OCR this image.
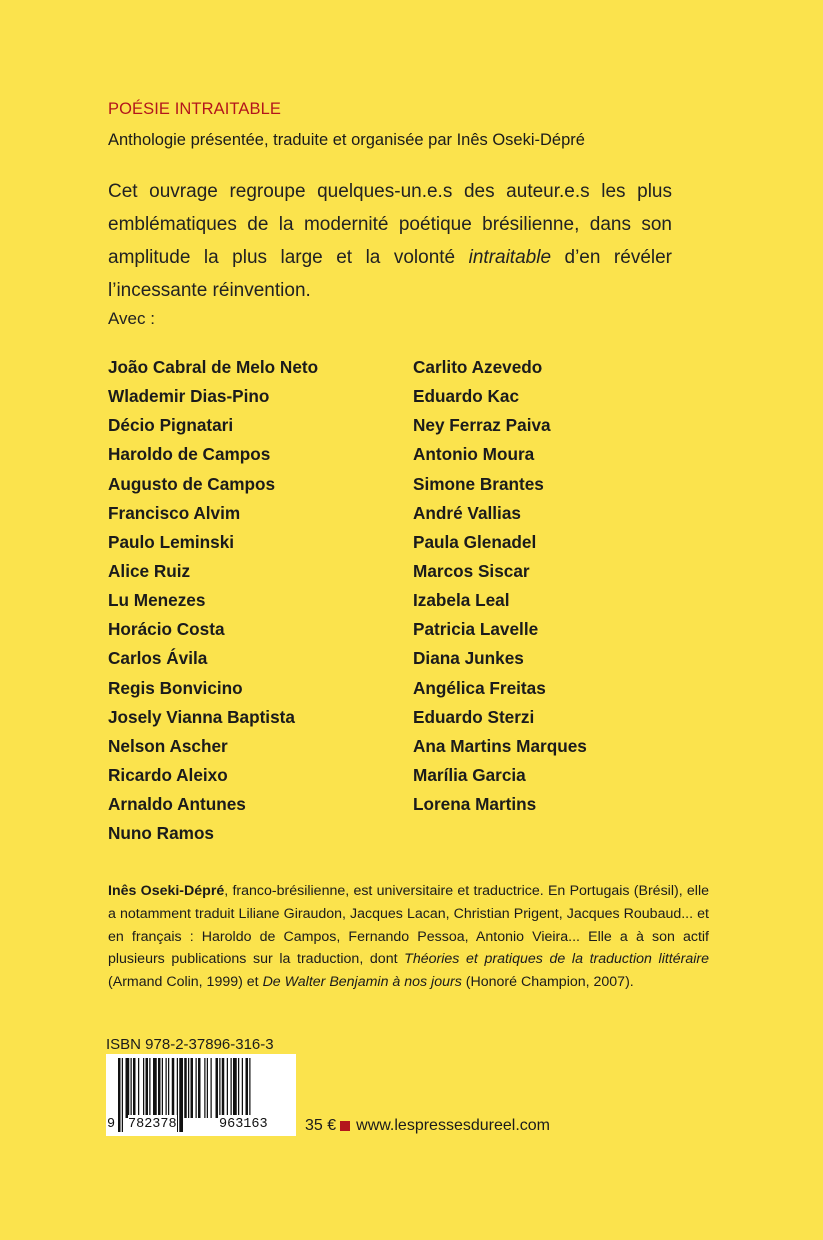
POÉSIE INTRAITABLE
Anthologie présentée, traduite et organisée par Inês Oseki-Dépré
Cet ouvrage regroupe quelques-un.e.s des auteur.e.s les plus emblématiques de la modernité poétique brésilienne, dans son amplitude la plus large et la volonté intraitable d’en révéler l’incessante réinvention.
Avec :
João Cabral de Melo Neto
Wlademir Dias-Pino
Décio Pignatari
Haroldo de Campos
Augusto de Campos
Francisco Alvim
Paulo Leminski
Alice Ruiz
Lu Menezes
Horácio Costa
Carlos Ávila
Regis Bonvicino
Josely Vianna Baptista
Nelson Ascher
Ricardo Aleixo
Arnaldo Antunes
Nuno Ramos
Carlito Azevedo
Eduardo Kac
Ney Ferraz Paiva
Antonio Moura
Simone Brantes
André Vallias
Paula Glenadel
Marcos Siscar
Izabela Leal
Patricia Lavelle
Diana Junkes
Angélica Freitas
Eduardo Sterzi
Ana Martins Marques
Marília Garcia
Lorena Martins
Inês Oseki-Dépré, franco-brésilienne, est universitaire et traductrice. En Portugais (Brésil), elle a notamment traduit Liliane Giraudon, Jacques Lacan, Christian Prigent, Jacques Roubaud... et en français : Haroldo de Campos, Fernando Pessoa, Antonio Vieira... Elle a à son actif plusieurs publications sur la traduction, dont Théories et pratiques de la traduction littéraire (Armand Colin, 1999) et De Walter Benjamin à nos jours (Honoré Champion, 2007).
ISBN 978-2-37896-316-3
9 782378	963163 35 € www.lespressesdureel.com
